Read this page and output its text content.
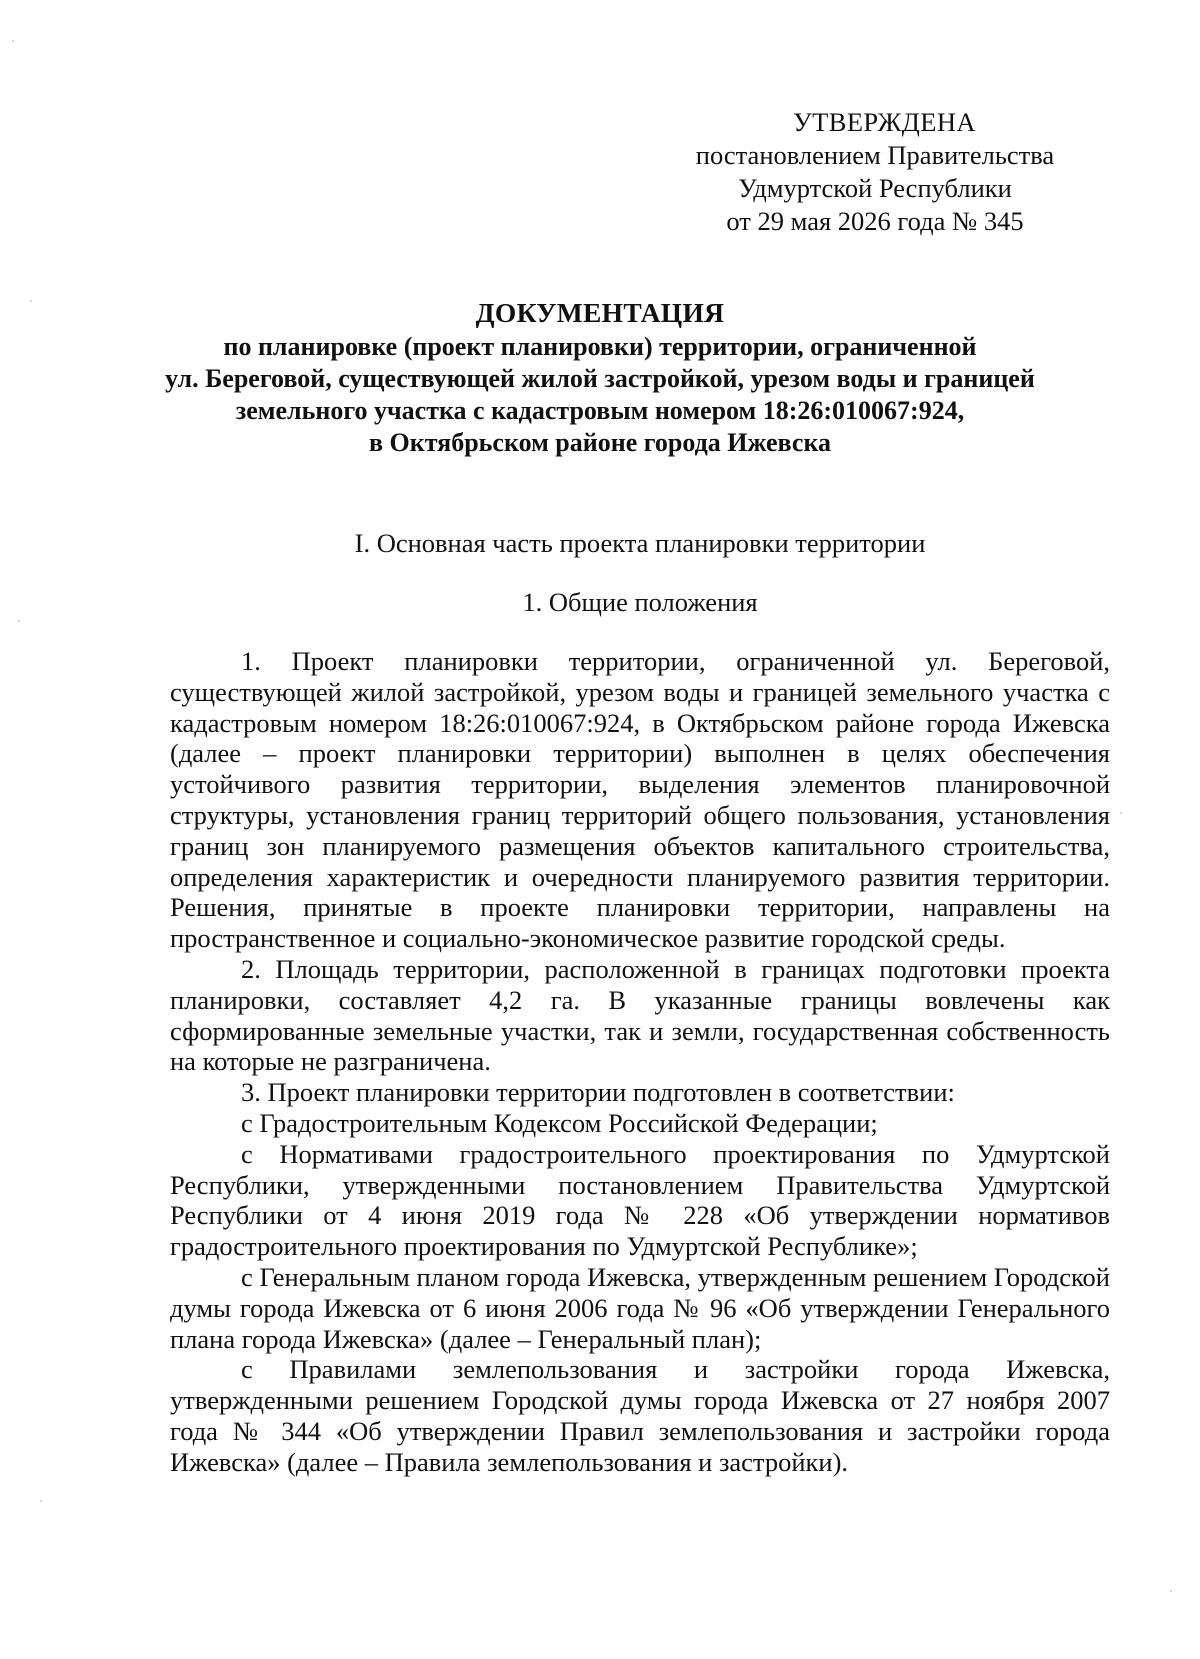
УТВЕРЖДЕНА
постановлением Правительства
Удмуртской Республики
от 29 мая 2026 года № 345
ДОКУМЕНТАЦИЯ
по планировке (проект планировки) территории, ограниченной
ул. Береговой, существующей жилой застройкой, урезом воды и границей
земельного участка с кадастровым номером 18:26:010067:924,
в Октябрьском районе города Ижевска
I. Основная часть проекта планировки территории
1. Общие положения

1. Проект планировки территории, ограниченной ул. Береговой, существующей жилой застройкой, урезом воды и границей земельного участка с кадастровым номером 18:26:010067:924, в Октябрьском районе города Ижевска (далее – проект планировки территории) выполнен в целях обеспечения устойчивого развития территории, выделения элементов планировочной структуры, установления границ территорий общего пользования, установления границ зон планируемого размещения объектов капитального строительства, определения характеристик и очередности планируемого развития территории. Решения, принятые в проекте планировки территории, направлены на пространственное и социально-экономическое развитие городской среды.

2. Площадь территории, расположенной в границах подготовки проекта планировки, составляет 4,2 га. В указанные границы вовлечены как сформированные земельные участки, так и земли, государственная собственность на которые не разграничена.

3. Проект планировки территории подготовлен в соответствии:

с Градостроительным Кодексом Российской Федерации;

с Нормативами градостроительного проектирования по Удмуртской Республики, утвержденными постановлением Правительства Удмуртской Республики от 4 июня 2019 года № 228 «Об утверждении нормативов градостроительного проектирования по Удмуртской Республике»;

с Генеральным планом города Ижевска, утвержденным решением Городской думы города Ижевска от 6 июня 2006 года № 96 «Об утверждении Генерального плана города Ижевска» (далее – Генеральный план);

с Правилами землепользования и застройки города Ижевска, утвержденными решением Городской думы города Ижевска от 27 ноября 2007 года № 344 «Об утверждении Правил землепользования и застройки города Ижевска» (далее – Правила землепользования и застройки).
